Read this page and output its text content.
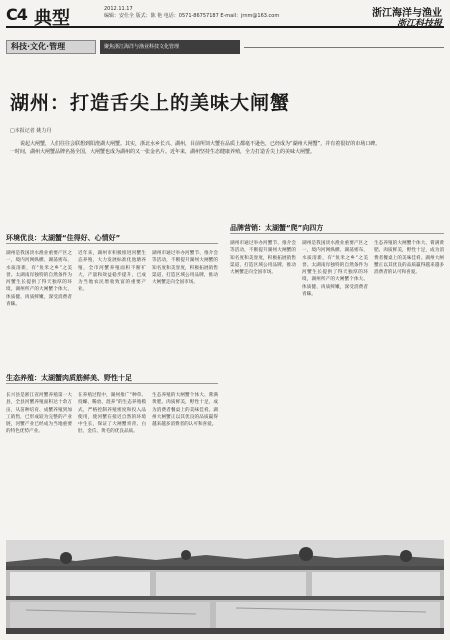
C4 典型	2012.11.17
编辑：安仕全 版式：陈 艳 电话：0571-86757187 E-mail：jrnm@163.com	浙江海洋与渔业
浙江科技报
科技·文化·管理	聚焦浙江海洋与渔业科技文化管理
湖州：打造舌尖上的美味大闸蟹
□本报记者 姚力丹
说起大闸蟹，人们往往会联想到阳澄湖大闸蟹。其实，浙北水乡长兴、湖州，目前所饲大蟹在品质上都毫不逊色，已经成为“湖州大闸蟹”，并有着很好的市场口碑。一时间，湖州大闸蟹品牌名扬全国，大闸蟹也成为湖州的又一张金名片。近年来，湖州坚持生态健康养殖，全力打造舌尖上的美味大闸蟹。
环境优良：太湖蟹“住得好、心情好”
品牌营销：太湖蟹“爬”向四方
湖州是我国淡水渔业重要产区之一，境内河网纵横、湖荡密布，水质清新，有“鱼米之乡”之美誉。太湖南岸独特的自然条件为河蟹生长提供了得天独厚的环境，湖州所产的大闸蟹个体大、体质健、肉质鲜嫩，深受消费者青睐。
近年来，湖州市积极推进河蟹生态养殖，大力发展标准化池塘养殖，全市河蟹养殖面积不断扩大，产量和效益稳步提升，已成为当地农民增收致富的重要产业。
湖州市通过举办河蟹节、推介会等活动，不断提升湖州大闸蟹的知名度和美誉度，积极拓展销售渠道，打造区域公用品牌，推动大闸蟹走向全国市场。
生态养殖：太湖蟹肉质筋鲜美、野性十足
长兴县是浙江省河蟹养殖第一大县，全县河蟹养殖面积达十余万亩，从苗种培育、成蟹养殖到加工销售，已形成较为完整的产业链，河蟹产业已经成为当地重要的特色优势产业。
在养殖过程中，湖州推广“种草、投螺、稀放、混养”的生态养殖模式，严格控制养殖密度和投入品使用，使河蟹在接近自然的环境中生长，保证了大闸蟹青背、白肚、金爪、黄毛的优良品质。
生态养殖的大闸蟹个体大、膏满黄肥、肉质鲜美，野性十足，成为消费者餐桌上的美味佳肴。湖州大闸蟹正以其优良的品质赢得越来越多消费者的认可和喜爱。
湖州市通过举办河蟹节、推介会等活动，不断提升湖州大闸蟹的知名度和美誉度，积极拓展销售渠道，打造区域公用品牌，推动大闸蟹走向全国市场。
湖州是我国淡水渔业重要产区之一，境内河网纵横、湖荡密布，水质清新，有“鱼米之乡”之美誉。太湖南岸独特的自然条件为河蟹生长提供了得天独厚的环境，湖州所产的大闸蟹个体大、体质健、肉质鲜嫩，深受消费者青睐。
生态养殖的大闸蟹个体大、膏满黄肥、肉质鲜美，野性十足，成为消费者餐桌上的美味佳肴。湖州大闸蟹正以其优良的品质赢得越来越多消费者的认可和喜爱。
